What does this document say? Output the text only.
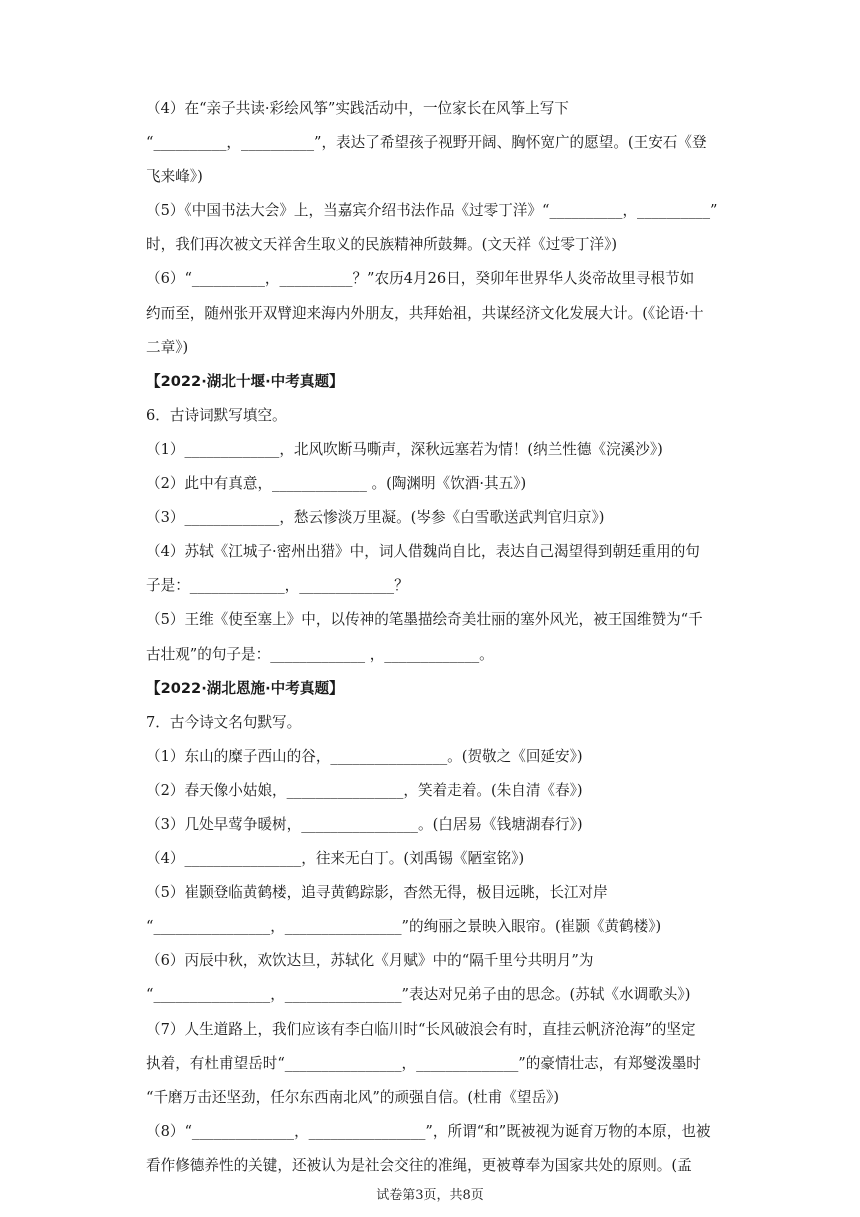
（4）在“亲子共读·彩绘风筝”实践活动中，一位家长在风筝上写下
“__________，__________”，表达了希望孩子视野开阔、胸怀宽广的愿望。(王安石《登
飞来峰》)
（5）《中国书法大会》上，当嘉宾介绍书法作品《过零丁洋》“__________，__________”
时，我们再次被文天祥舍生取义的民族精神所鼓舞。(文天祥《过零丁洋》)
（6）“__________，__________？”农历4月26日，癸卯年世界华人炎帝故里寻根节如
约而至，随州张开双臂迎来海内外朋友，共拜始祖，共谋经济文化发展大计。(《论语·十
二章》)
【2022·湖北十堰·中考真题】
6．古诗词默写填空。
（1）_____________，北风吹断马嘶声，深秋远塞若为情！(纳兰性德《浣溪沙》)
（2）此中有真意，_____________ 。(陶渊明《饮酒·其五》)
（3）_____________，愁云惨淡万里凝。(岑参《白雪歌送武判官归京》)
（4）苏轼《江城子·密州出猎》中，词人借魏尚自比，表达自己渴望得到朝廷重用的句
子是：_____________，_____________？
（5）王维《使至塞上》中，以传神的笔墨描绘奇美壮丽的塞外风光，被王国维赞为“千
古壮观”的句子是：_____________ ，_____________。
【2022·湖北恩施·中考真题】
7．古今诗文名句默写。
（1）东山的糜子西山的谷，________________。(贺敬之《回延安》)
（2）春天像小姑娘，________________，笑着走着。(朱自清《春》)
（3）几处早莺争暖树，________________。(白居易《钱塘湖春行》)
（4）________________，往来无白丁。(刘禹锡《陋室铭》)
（5）崔颢登临黄鹤楼，追寻黄鹤踪影，杳然无得，极目远眺，长江对岸
“________________，________________”的绚丽之景映入眼帘。(崔颢《黄鹤楼》)
（6）丙辰中秋，欢饮达旦，苏轼化《月赋》中的“隔千里兮共明月”为
“________________，________________”表达对兄弟子由的思念。(苏轼《水调歌头》)
（7）人生道路上，我们应该有李白临川时“长风破浪会有时，直挂云帆济沧海”的坚定
执着，有杜甫望岳时“________________，______________”的豪情壮志，有郑燮泼墨时
“千磨万击还坚劲，任尔东西南北风”的顽强自信。(杜甫《望岳》)
（8）“______________，________________”，所谓“和”既被视为诞育万物的本原，也被
看作修德养性的关键，还被认为是社会交往的准绳，更被尊奉为国家共处的原则。(孟
试卷第3页，共8页
